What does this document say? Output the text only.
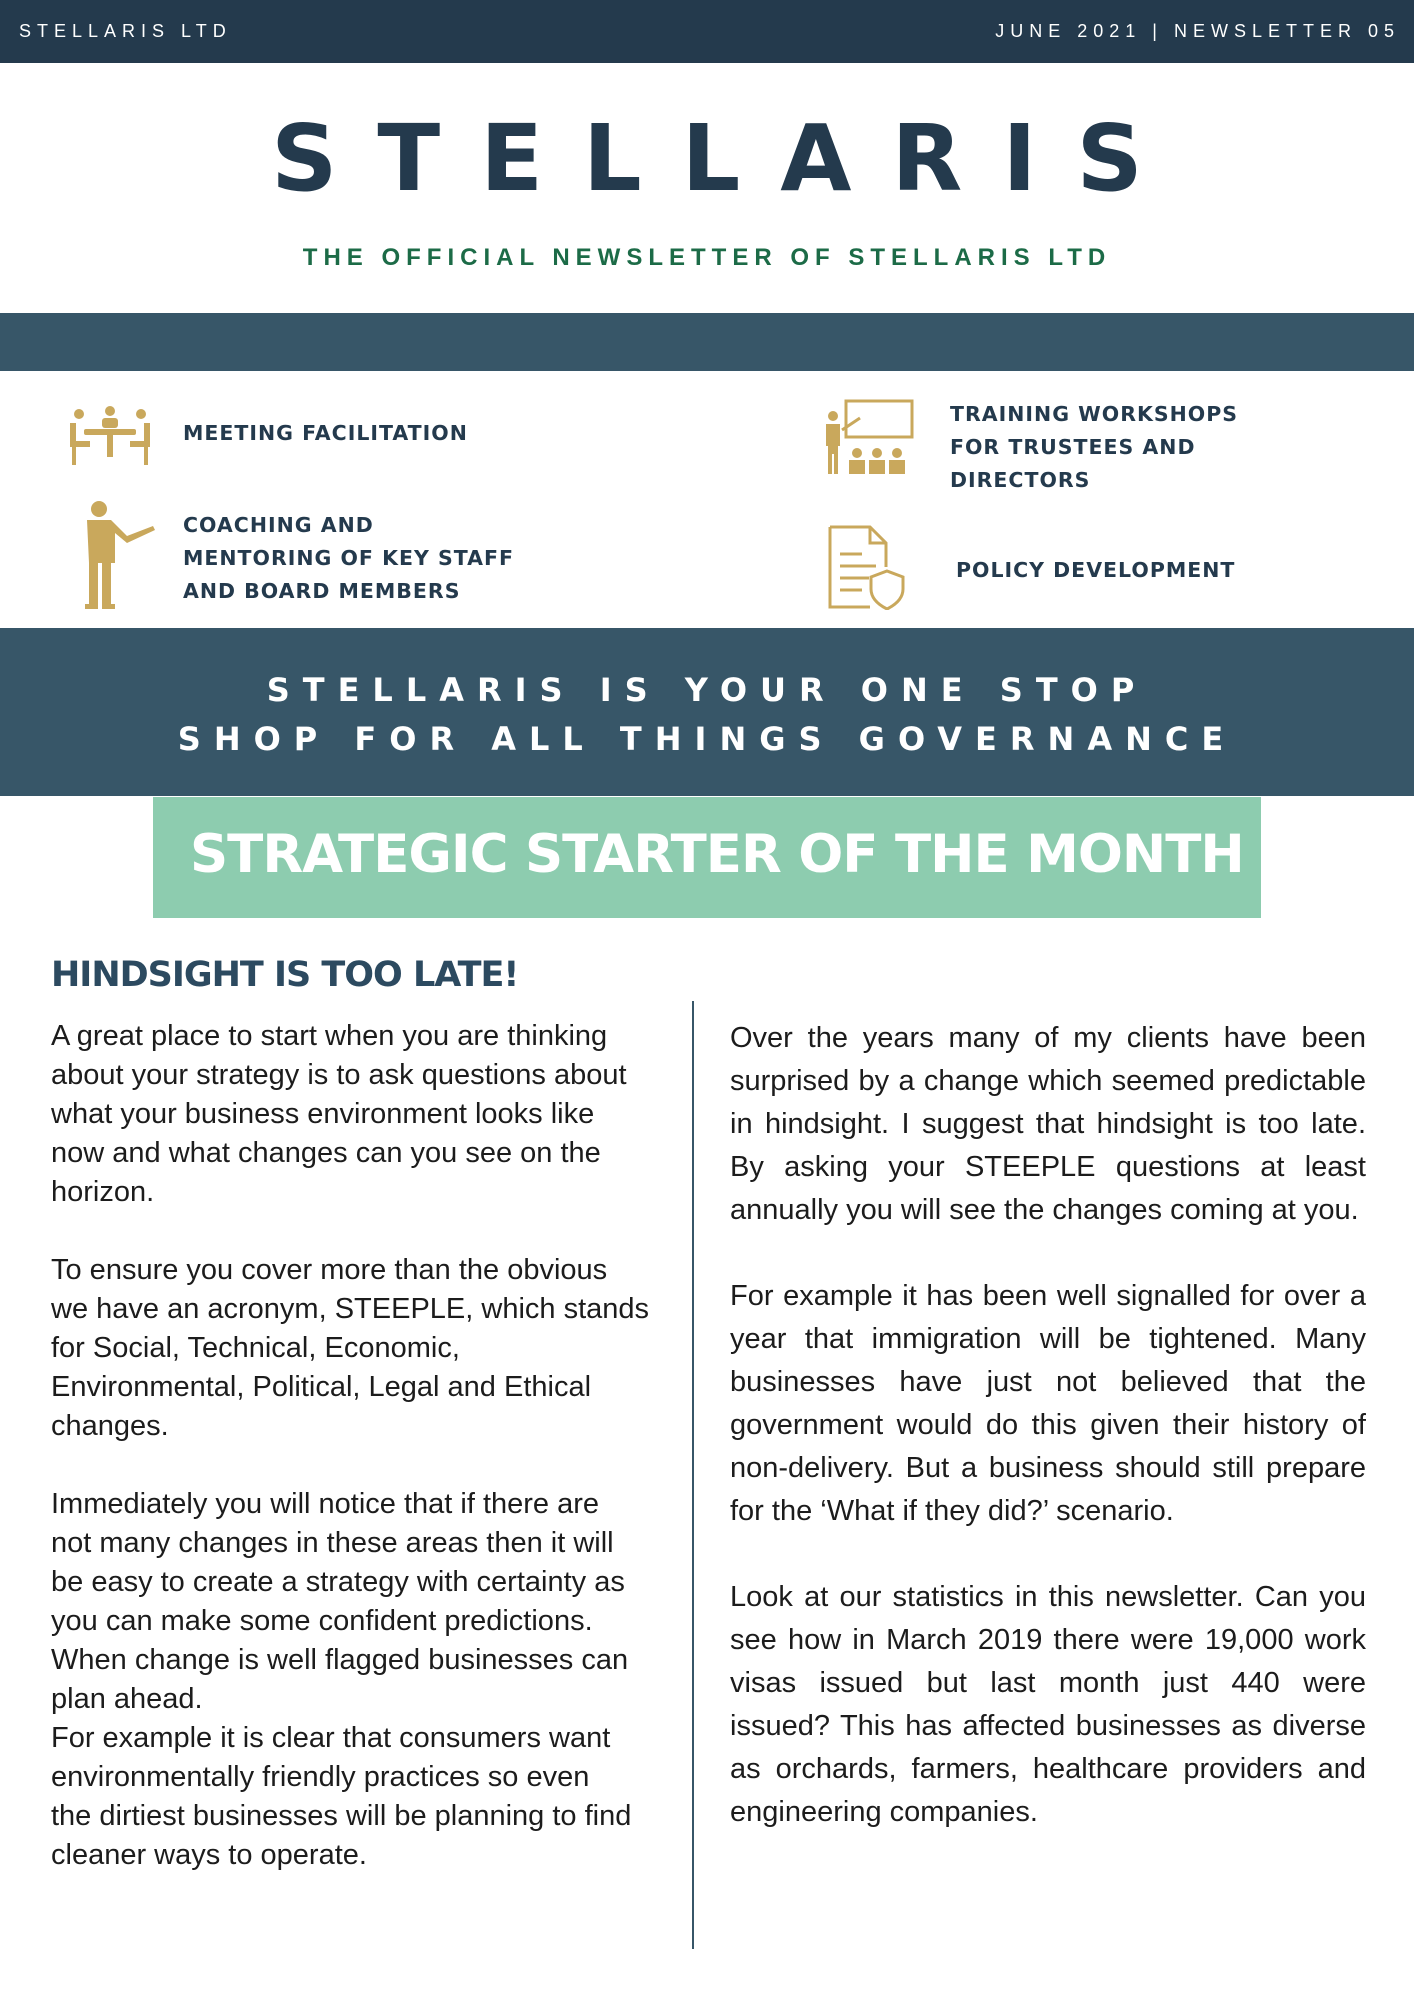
STELLARIS LTD	JUNE 2021 | NEWSLETTER 05
STELLARIS
THE OFFICIAL NEWSLETTER OF STELLARIS LTD
MEETING FACILITATION
COACHING AND
MENTORING OF KEY STAFF
AND BOARD MEMBERS
TRAINING WORKSHOPS
FOR TRUSTEES AND
DIRECTORS
POLICY DEVELOPMENT
STELLARIS IS YOUR ONE STOP
SHOP FOR ALL THINGS GOVERNANCE
STRATEGIC STARTER OF THE MONTH
HINDSIGHT IS TOO LATE!

A great place to start when you are thinking
about your strategy is to ask questions about
what your business environment looks like
now and what changes can you see on the
horizon.

To ensure you cover more than the obvious
we have an acronym, STEEPLE, which stands
for Social, Technical, Economic,
Environmental, Political, Legal and Ethical
changes.

Immediately you will notice that if there are
not many changes in these areas then it will
be easy to create a strategy with certainty as
you can make some confident predictions.
When change is well flagged businesses can
plan ahead.
For example it is clear that consumers want
environmentally friendly practices so even
the dirtiest businesses will be planning to find
cleaner ways to operate.

Over the years many of my clients have been surprised by a change which seemed predictable in hindsight. I suggest that hindsight is too late. By asking your STEEPLE questions at least annually you will see the changes coming at you.

For example it has been well signalled for over a year that immigration will be tightened. Many businesses have just not believed that the government would do this given their history of non-delivery. But a business should still prepare for the ‘What if they did?’ scenario.

Look at our statistics in this newsletter. Can you see how in March 2019 there were 19,000 work visas issued but last month just 440 were issued? This has affected businesses as diverse as orchards, farmers, healthcare providers and engineering companies.
